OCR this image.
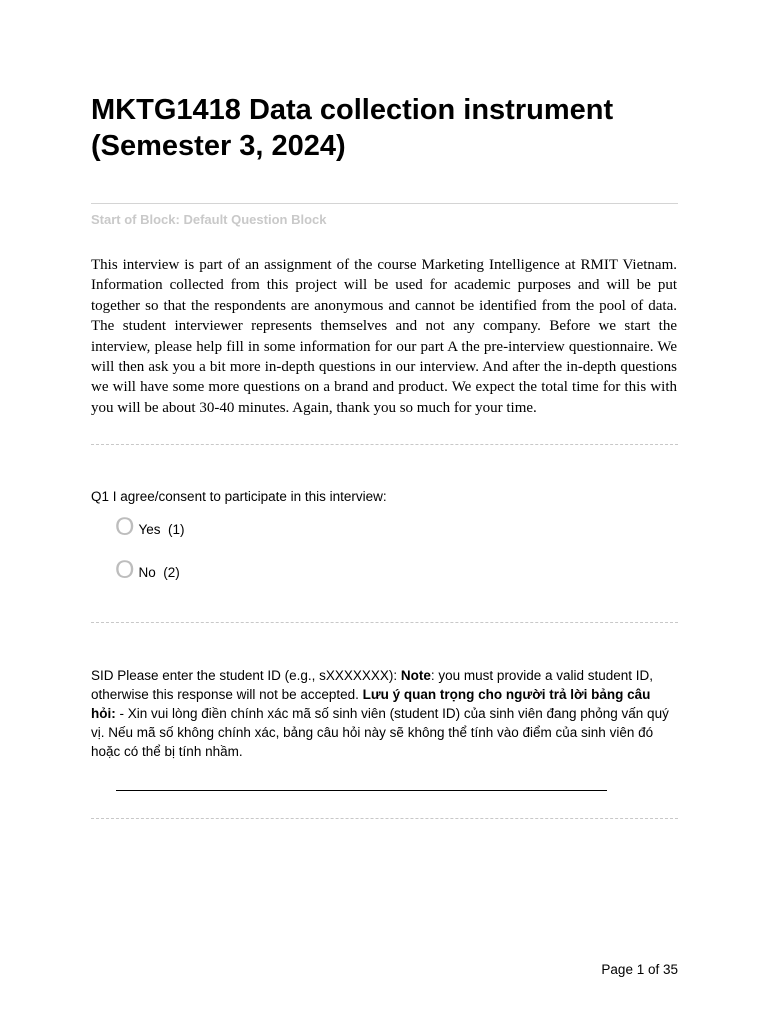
MKTG1418 Data collection instrument (Semester 3, 2024)
Start of Block: Default Question Block

This interview is part of an assignment of the course Marketing Intelligence at RMIT Vietnam. Information collected from this project will be used for academic purposes and will be put together so that the respondents are anonymous and cannot be identified from the pool of data. The student interviewer represents themselves and not any company. Before we start the interview, please help fill in some information for our part A the pre-interview questionnaire. We will then ask you a bit more in-depth questions in our interview. And after the in-depth questions we will have some more questions on a brand and product. We expect the total time for this with you will be about 30-40 minutes. Again, thank you so much for your time.

Q1 I agree/consent to participate in this interview:
O Yes  (1)
O No  (2)

SID Please enter the student ID (e.g., sXXXXXXX): Note: you must provide a valid student ID, otherwise this response will not be accepted. Lưu ý quan trọng cho người trả lời bảng câu hỏi: - Xin vui lòng điền chính xác mã số sinh viên (student ID) của sinh viên đang phỏng vấn quý vị. Nếu mã số không chính xác, bảng câu hỏi này sẽ không thể tính vào điểm của sinh viên đó hoặc có thể bị tính nhầm.

Page 1 of 35
